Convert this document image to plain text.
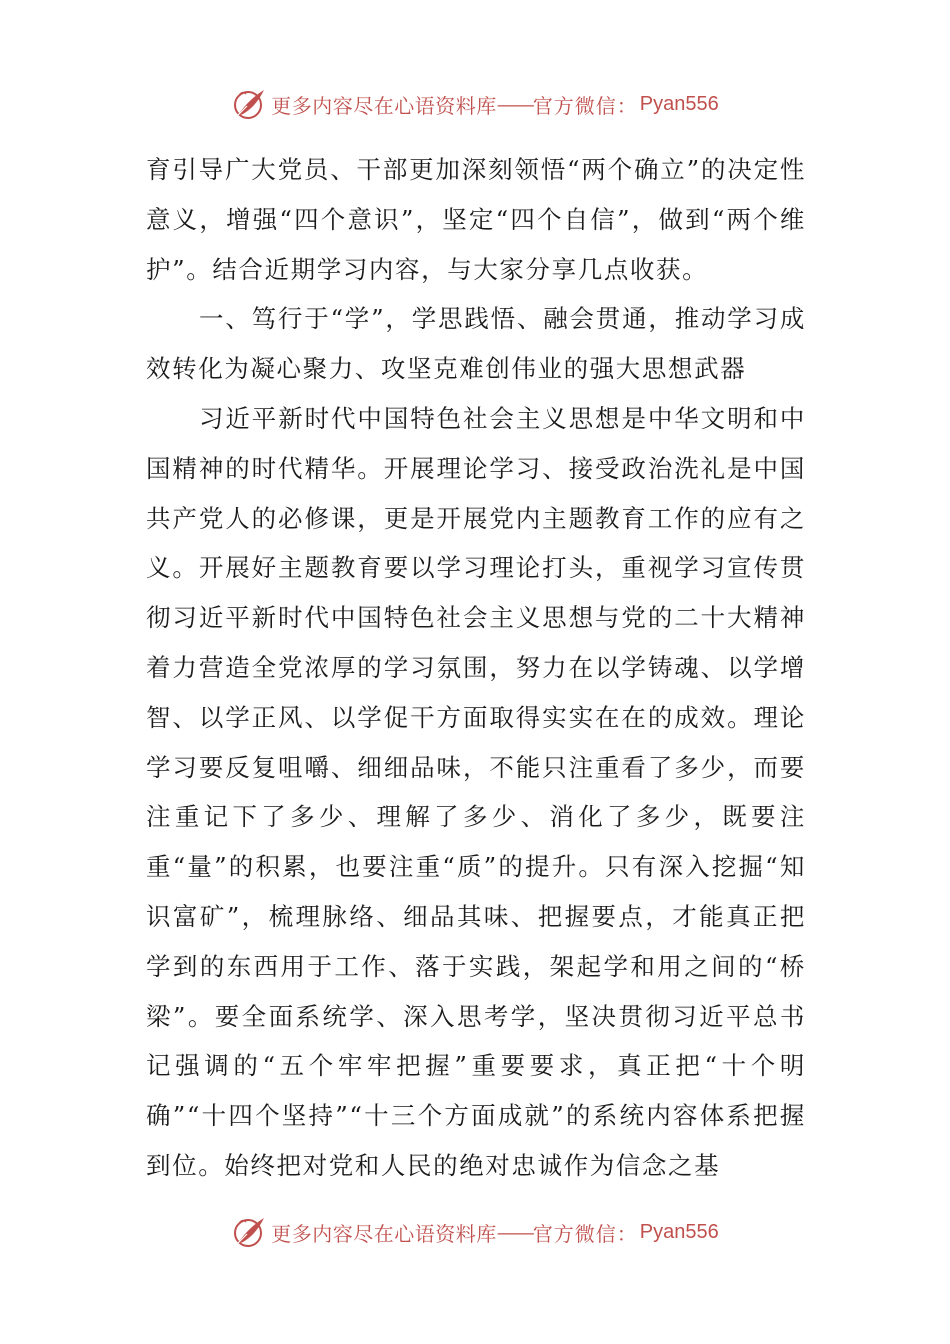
更多内容尽在心语资料库 —— 官方微信： Pyan556

育引导广大党员、干部更加深刻领悟“两个确立”的决定性意义，增强“四个意识”，坚定“四个自信”，做到“两个维护”。结合近期学习内容，与大家分享几点收获。

一、笃行于“学”，学思践悟、融会贯通，推动学习成效转化为凝心聚力、攻坚克难创伟业的强大思想武器

习近平新时代中国特色社会主义思想是中华文明和中国精神的时代精华。开展理论学习、接受政治洗礼是中国共产党人的必修课，更是开展党内主题教育工作的应有之义。开展好主题教育要以学习理论打头，重视学习宣传贯彻习近平新时代中国特色社会主义思想与党的二十大精神着力营造全党浓厚的学习氛围，努力在以学铸魂、以学增智、以学正风、以学促干方面取得实实在在的成效。理论学习要反复咀嚼、细细品味，不能只注重看了多少，而要注重记下了多少、理解了多少、消化了多少，既要注重“量”的积累，也要注重“质”的提升。只有深入挖掘“知识富矿”，梳理脉络、细品其味、把握要点，才能真正把学到的东西用于工作、落于实践，架起学和用之间的“桥梁”。要全面系统学、深入思考学，坚决贯彻习近平总书记强调的“五个牢牢把握”重要要求，真正把“十个明确”“十四个坚持”“十三个方面成就”的系统内容体系把握到位。始终把对党和人民的绝对忠诚作为信念之基

更多内容尽在心语资料库 —— 官方微信： Pyan556
